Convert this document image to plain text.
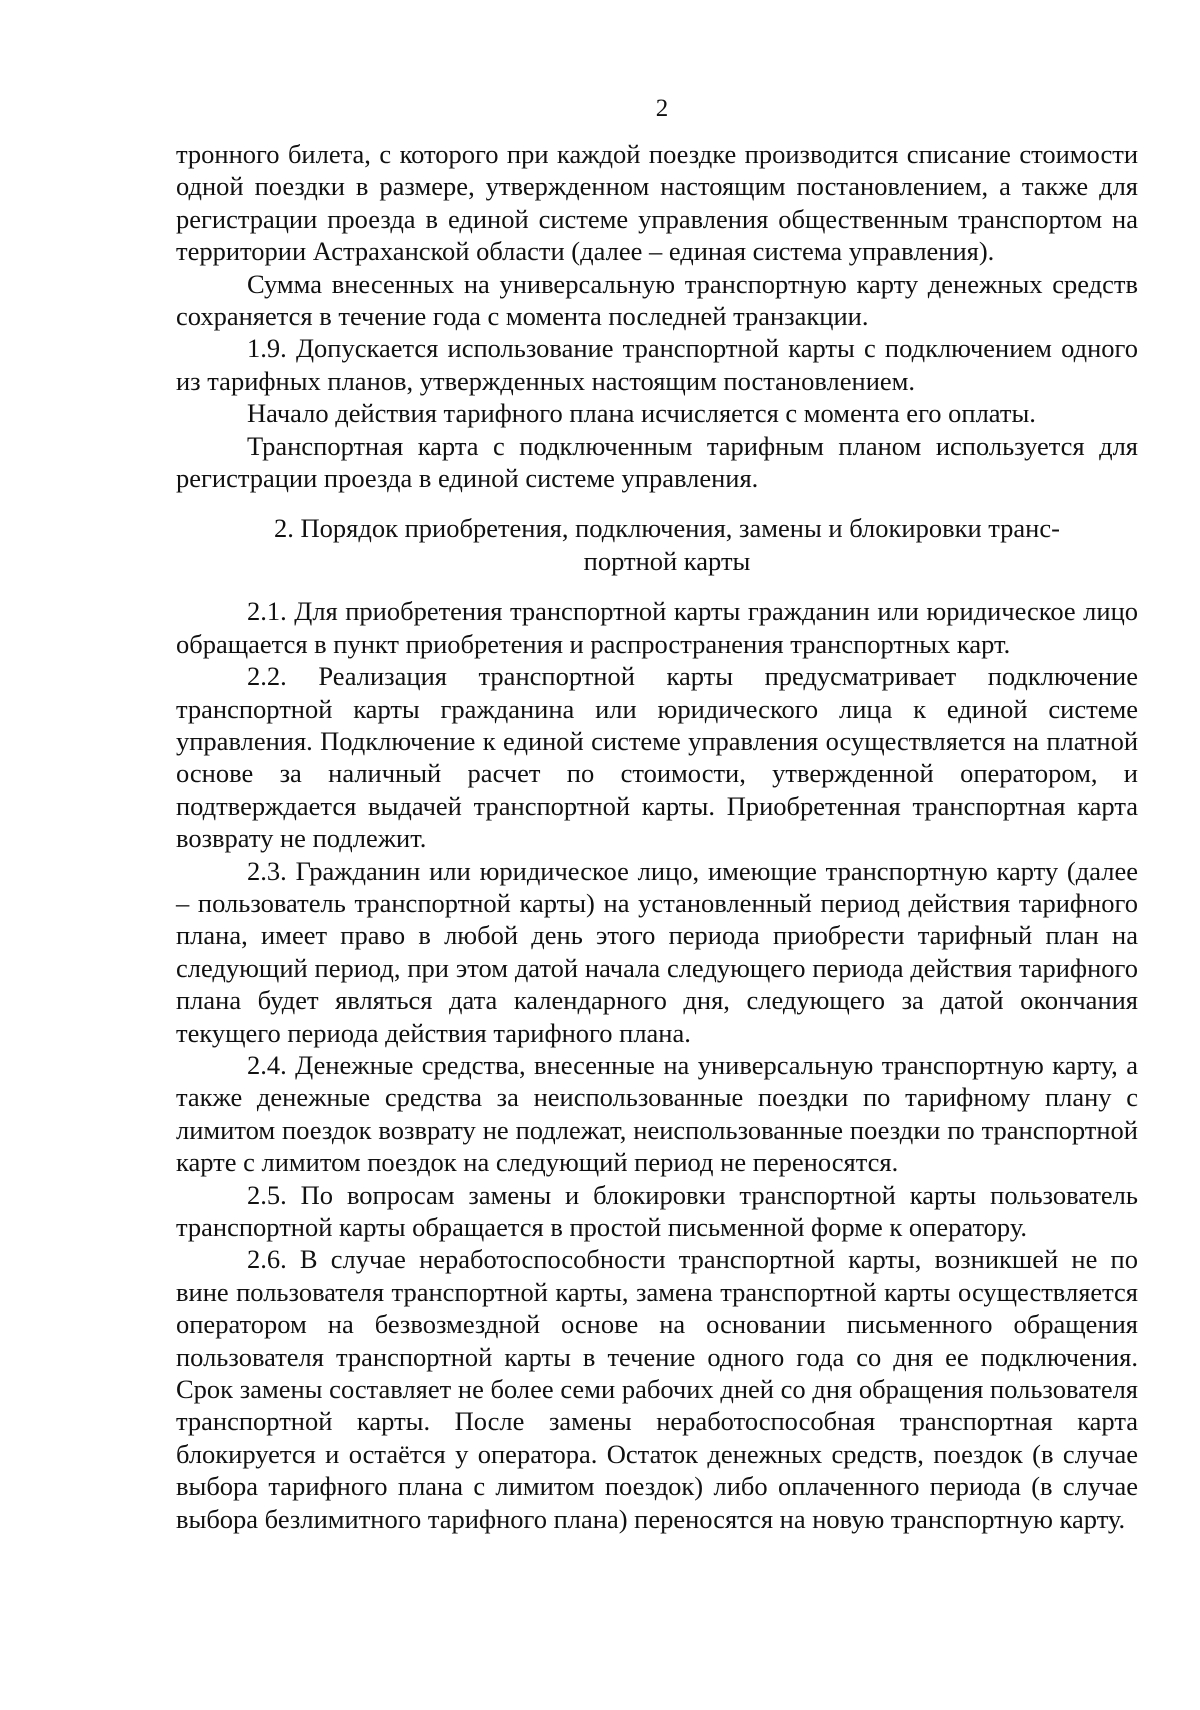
2

тронного билета, с которого при каждой поездке производится списание стоимости одной поездки в размере, утвержденном настоящим постановлением, а также для регистрации проезда в единой системе управления общественным транспортом на территории Астраханской области (далее – единая система управления).

Сумма внесенных на универсальную транспортную карту денежных средств сохраняется в течение года с момента последней транзакции.

1.9. Допускается использование транспортной карты с подключением одного из тарифных планов, утвержденных настоящим постановлением.

Начало действия тарифного плана исчисляется с момента его оплаты.

Транспортная карта с подключенным тарифным планом используется для регистрации проезда в единой системе управления.

2. Порядок приобретения, подключения, замены и блокировки транс-
портной карты

2.1. Для приобретения транспортной карты гражданин или юридическое лицо обращается в пункт приобретения и распространения транспортных карт.

2.2. Реализация транспортной карты предусматривает подключение транспортной карты гражданина или юридического лица к единой системе управления. Подключение к единой системе управления осуществляется на платной основе за наличный расчет по стоимости, утвержденной оператором, и подтверждается выдачей транспортной карты. Приобретенная транспортная карта возврату не подлежит.

2.3. Гражданин или юридическое лицо, имеющие транспортную карту (далее – пользователь транспортной карты) на установленный период действия тарифного плана, имеет право в любой день этого периода приобрести тарифный план на следующий период, при этом датой начала следующего периода действия тарифного плана будет являться дата календарного дня, следующего за датой окончания текущего периода действия тарифного плана.

2.4. Денежные средства, внесенные на универсальную транспортную карту, а также денежные средства за неиспользованные поездки по тарифному плану с лимитом поездок возврату не подлежат, неиспользованные поездки по транспортной карте с лимитом поездок на следующий период не переносятся.

2.5. По вопросам замены и блокировки транспортной карты пользователь транспортной карты обращается в простой письменной форме к оператору.

2.6. В случае неработоспособности транспортной карты, возникшей не по вине пользователя транспортной карты, замена транспортной карты осуществляется оператором на безвозмездной основе на основании письменного обращения пользователя транспортной карты в течение одного года со дня ее подключения. Срок замены составляет не более семи рабочих дней со дня обращения пользователя транспортной карты. После замены неработоспособная транспортная карта блокируется и остаётся у оператора. Остаток денежных средств, поездок (в случае выбора тарифного плана с лимитом поездок) либо оплаченного периода (в случае выбора безлимитного тарифного плана) переносятся на новую транспортную карту.
